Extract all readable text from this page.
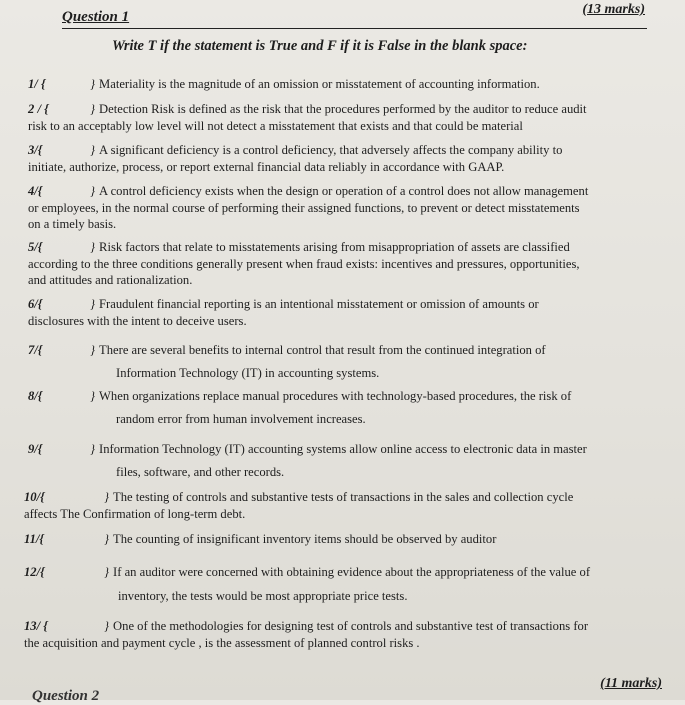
Question 1	(13 marks)
Write T if the statement is True and F if it is False in the blank space:
1/ {	} Materiality is the magnitude of an omission or misstatement of accounting information.
2 / {	} Detection Risk is defined as the risk that the procedures performed by the auditor to reduce audit
risk to an acceptably low level will not detect a misstatement that exists and that could be material
3/{	} A significant deficiency is a control deficiency, that adversely affects the company ability to
initiate, authorize, process, or report external financial data reliably in accordance with GAAP.
4/{	} A control deficiency exists when the design or operation of a control does not allow management
or employees, in the normal course of performing their assigned functions, to prevent or detect misstatements
on a timely basis.
5/{	} Risk factors that relate to misstatements arising from misappropriation of assets are classified
according to the three conditions generally present when fraud exists: incentives and pressures, opportunities,
and attitudes and rationalization.
6/{	} Fraudulent financial reporting is an intentional misstatement or omission of amounts or
disclosures with the intent to deceive users.
7/{	} There are several benefits to internal control that result from the continued integration of
Information Technology (IT) in accounting systems.
8/{	} When organizations replace manual procedures with technology-based procedures, the risk of
random error from human involvement increases.
9/{	} Information Technology (IT) accounting systems allow online access to electronic data in master
files, software, and other records.
10/{	} The testing of controls and substantive tests of transactions in the sales and collection cycle
affects The Confirmation of long-term debt.
11/{	} The counting of insignificant inventory items should be observed by auditor
12/{	} If an auditor were concerned with obtaining evidence about the appropriateness of the value of
inventory, the tests would be most appropriate price tests.
13/ {	} One of the methodologies for designing test of controls and substantive test of transactions for
the acquisition and payment cycle , is the assessment of planned control risks .
Question 2
(11 marks)
